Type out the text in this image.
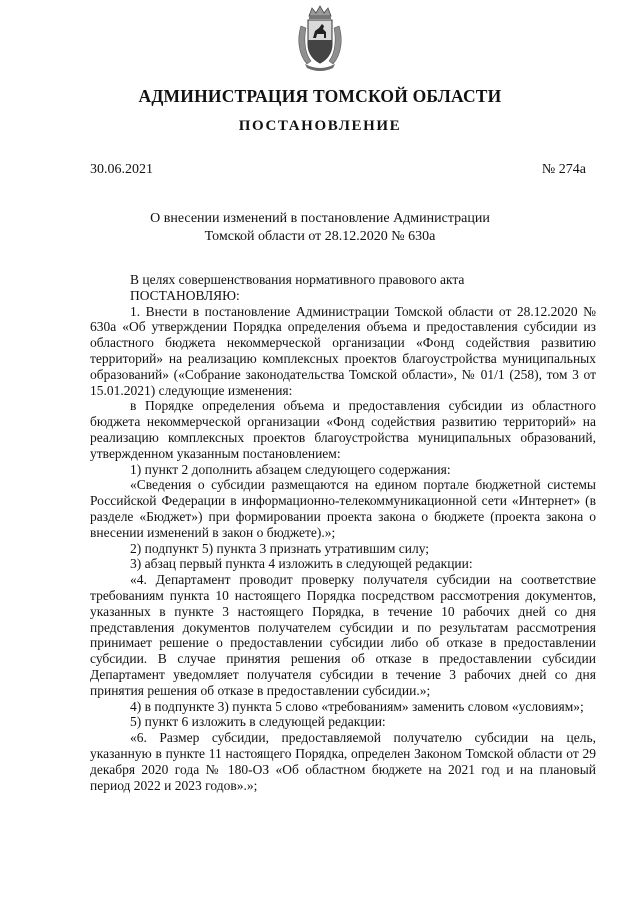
АДМИНИСТРАЦИЯ ТОМСКОЙ ОБЛАСТИ
ПОСТАНОВЛЕНИЕ
30.06.2021	№ 274а
О внесении изменений в постановление Администрации
Томской области от 28.12.2020 № 630а

В целях совершенствования нормативного правового акта

ПОСТАНОВЛЯЮ:

1. Внести в постановление Администрации Томской области от 28.12.2020 № 630а «Об утверждении Порядка определения объема и предоставления субсидии из областного бюджета некоммерческой организации «Фонд содействия развитию территорий» на реализацию комплексных проектов благоустройства муниципальных образований» («Собрание законодательства Томской области», № 01/1 (258), том 3 от 15.01.2021) следующие изменения:

в Порядке определения объема и предоставления субсидии из областного бюджета некоммерческой организации «Фонд содействия развитию территорий» на реализацию комплексных проектов благоустройства муниципальных образований, утвержденном указанным постановлением:

1) пункт 2 дополнить абзацем следующего содержания:

«Сведения о субсидии размещаются на едином портале бюджетной системы Российской Федерации в информационно-телекоммуникационной сети «Интернет» (в разделе «Бюджет») при формировании проекта закона о бюджете (проекта закона о внесении изменений в закон о бюджете).»;

2) подпункт 5) пункта 3 признать утратившим силу;

3) абзац первый пункта 4 изложить в следующей редакции:

«4. Департамент проводит проверку получателя субсидии на соответствие требованиям пункта 10 настоящего Порядка посредством рассмотрения документов, указанных в пункте 3 настоящего Порядка, в течение 10 рабочих дней со дня представления документов получателем субсидии и по результатам рассмотрения принимает решение о предоставлении субсидии либо об отказе в предоставлении субсидии. В случае принятия решения об отказе в предоставлении субсидии Департамент уведомляет получателя субсидии в течение 3 рабочих дней со дня принятия решения об отказе в предоставлении субсидии.»;

4) в подпункте 3) пункта 5 слово «требованиям» заменить словом «условиям»;

5) пункт 6 изложить в следующей редакции:

«6. Размер субсидии, предоставляемой получателю субсидии на цель, указанную в пункте 11 настоящего Порядка, определен Законом Томской области от 29 декабря 2020 года № 180-ОЗ «Об областном бюджете на 2021 год и на плановый период 2022 и 2023 годов».»;
